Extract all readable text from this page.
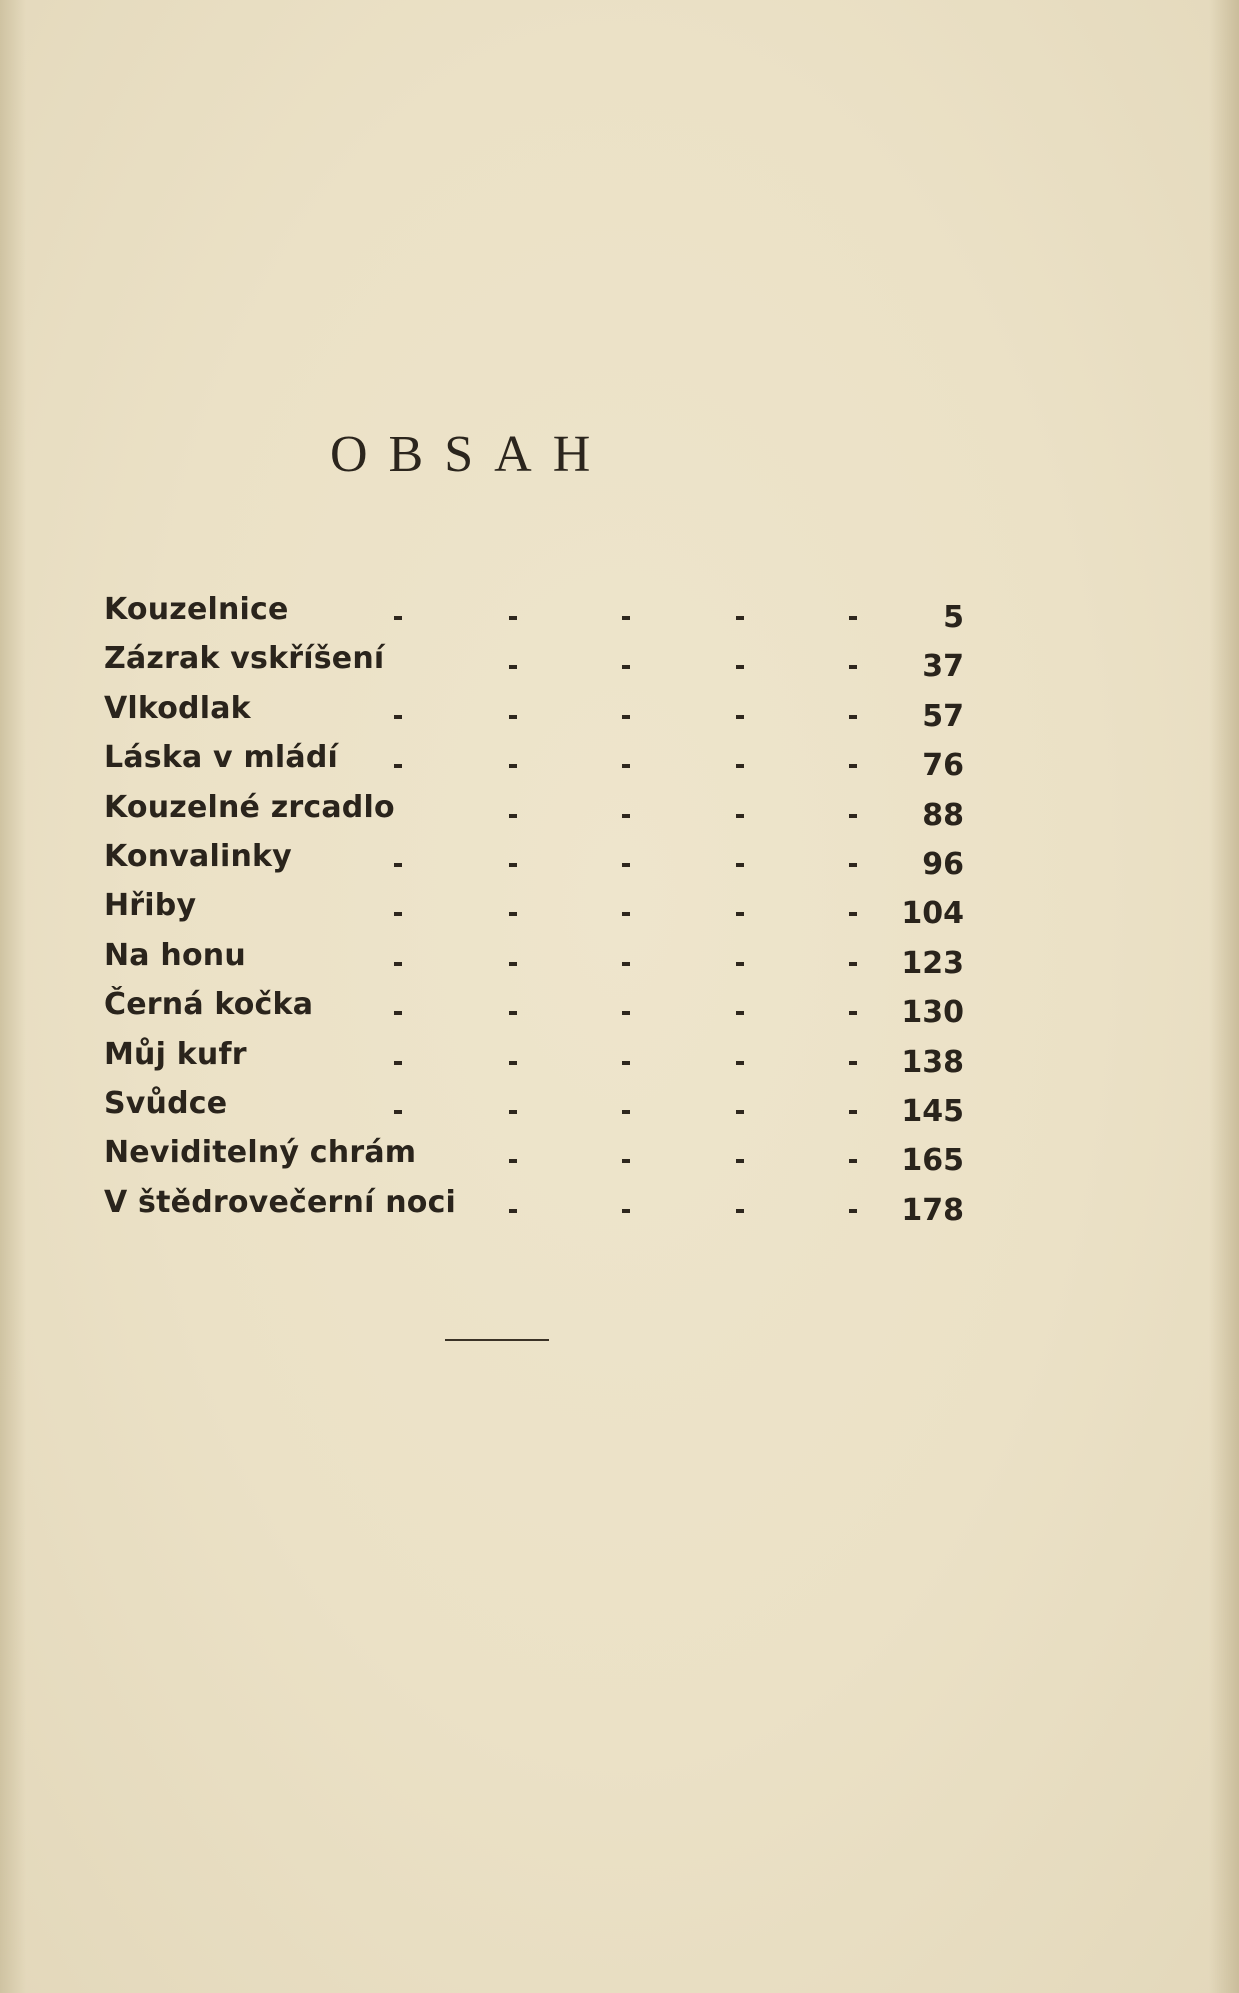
OBSAH
Kouzelnice	5
Zázrak vskříšení	37
Vlkodlak	57
Láska v mládí	76
Kouzelné zrcadlo	88
Konvalinky	96
Hřiby	104
Na honu	123
Černá kočka	130
Můj kufr	138
Svůdce	145
Neviditelný chrám	165
V štědrovečerní noci	178
